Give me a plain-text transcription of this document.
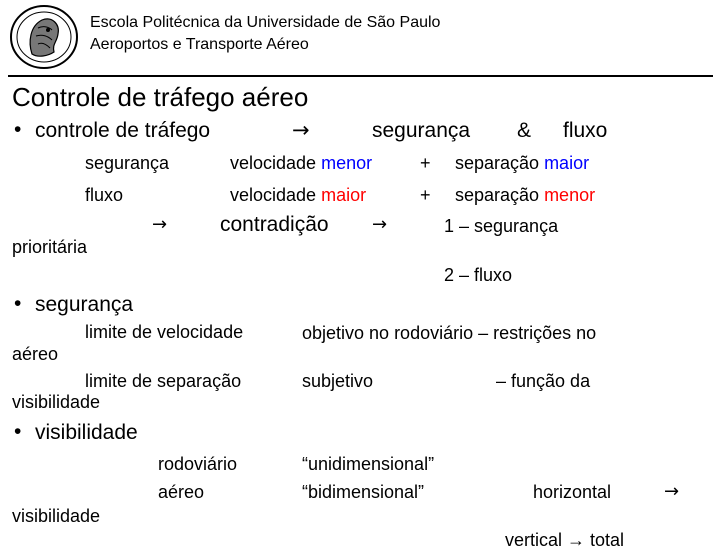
Escola Politécnica da Universidade de São Paulo
Aeroportos e Transporte Aéreo
Controle de tráfego aéreo
• controle de tráfego	→	segurança & fluxo
segurança	velocidade menor	+ separação maior
fluxo	velocidade maior	+ separação menor
→	contradição →	1 – segurança
prioritária
2 – fluxo
• segurança
limite de velocidade	objetivo no rodoviário – restrições no
aéreo
limite de separação	subjetivo	– função da
visibilidade
• visibilidade
rodoviário	“unidimensional”
aéreo	“bidimensional”	horizontal	→
visibilidade
vertical → total
